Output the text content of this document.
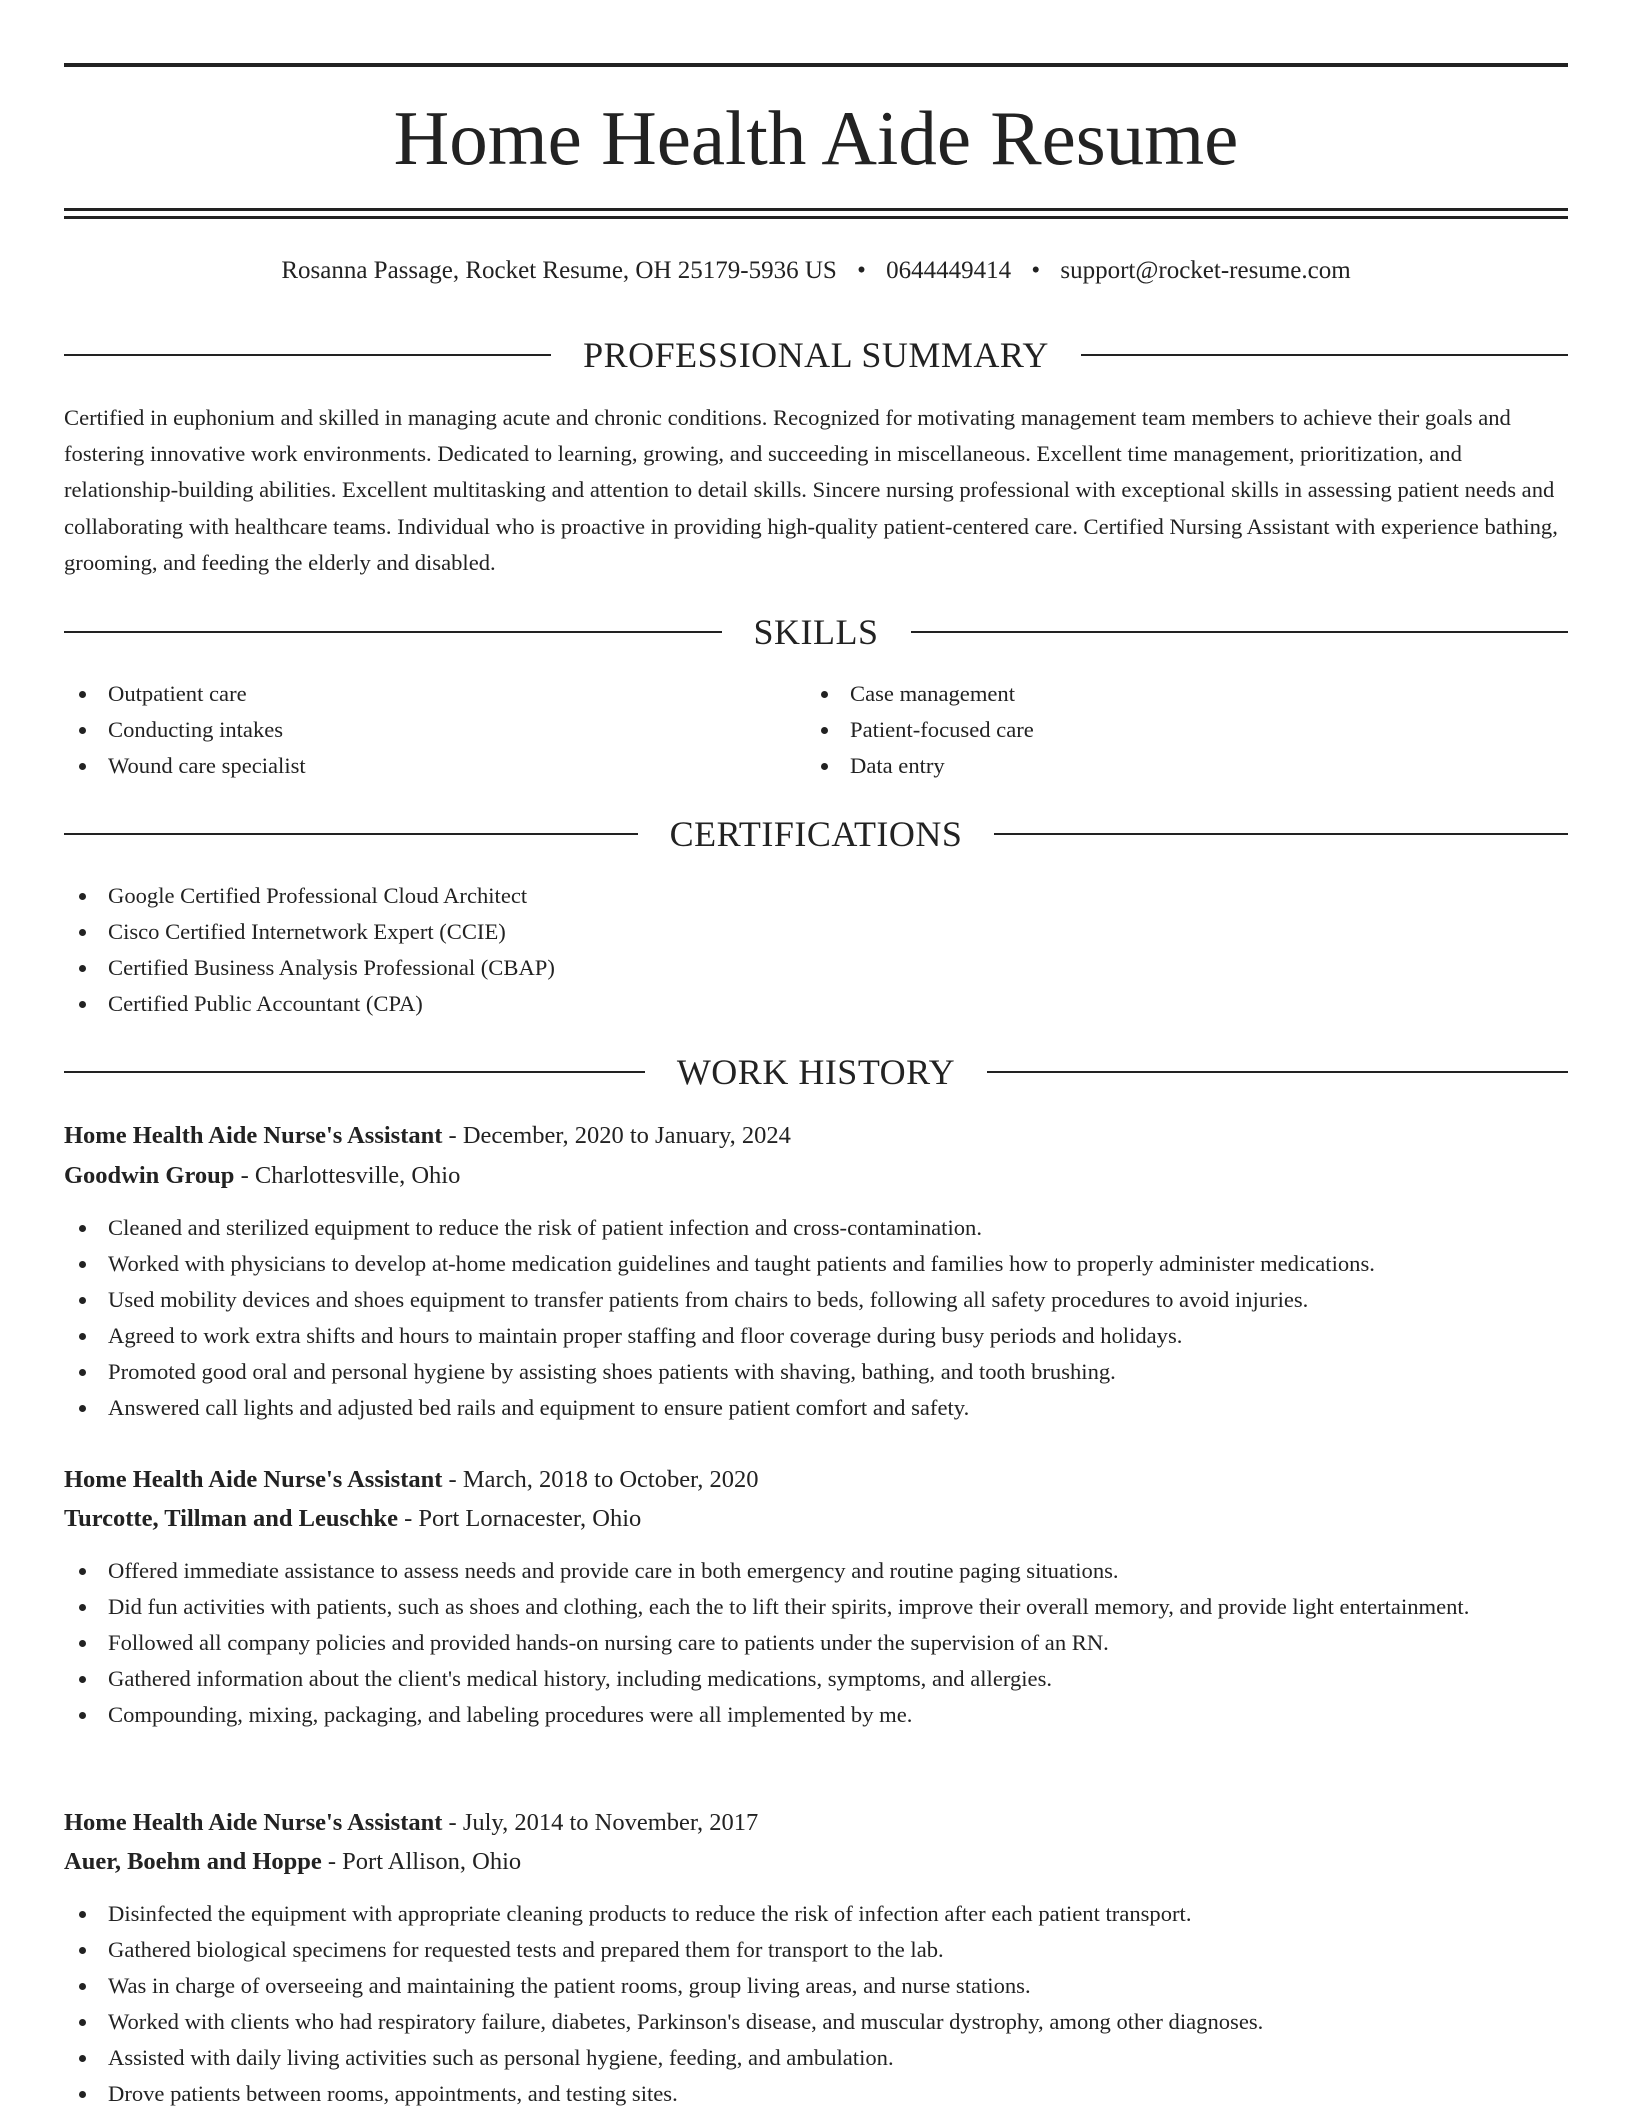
Home Health Aide Resume
Rosanna Passage, Rocket Resume, OH 25179-5936 US • 0644449414 • support@rocket-resume.com
PROFESSIONAL SUMMARY

Certified in euphonium and skilled in managing acute and chronic conditions. Recognized for motivating management team members to achieve their goals and fostering innovative work environments. Dedicated to learning, growing, and succeeding in miscellaneous. Excellent time management, prioritization, and relationship-building abilities. Excellent multitasking and attention to detail skills. Sincere nursing professional with exceptional skills in assessing patient needs and collaborating with healthcare teams. Individual who is proactive in providing high-quality patient-centered care. Certified Nursing Assistant with experience bathing, grooming, and feeding the elderly and disabled.

SKILLS
Outpatient care
Conducting intakes
Wound care specialist
Case management
Patient-focused care
Data entry
CERTIFICATIONS
Google Certified Professional Cloud Architect
Cisco Certified Internetwork Expert (CCIE)
Certified Business Analysis Professional (CBAP)
Certified Public Accountant (CPA)
WORK HISTORY
Home Health Aide Nurse's Assistant - December, 2020 to January, 2024
Goodwin Group - Charlottesville, Ohio
Cleaned and sterilized equipment to reduce the risk of patient infection and cross-contamination.
Worked with physicians to develop at-home medication guidelines and taught patients and families how to properly administer medications.
Used mobility devices and shoes equipment to transfer patients from chairs to beds, following all safety procedures to avoid injuries.
Agreed to work extra shifts and hours to maintain proper staffing and floor coverage during busy periods and holidays.
Promoted good oral and personal hygiene by assisting shoes patients with shaving, bathing, and tooth brushing.
Answered call lights and adjusted bed rails and equipment to ensure patient comfort and safety.
Home Health Aide Nurse's Assistant - March, 2018 to October, 2020
Turcotte, Tillman and Leuschke - Port Lornacester, Ohio
Offered immediate assistance to assess needs and provide care in both emergency and routine paging situations.
Did fun activities with patients, such as shoes and clothing, each the to lift their spirits, improve their overall memory, and provide light entertainment.
Followed all company policies and provided hands-on nursing care to patients under the supervision of an RN.
Gathered information about the client's medical history, including medications, symptoms, and allergies.
Compounding, mixing, packaging, and labeling procedures were all implemented by me.
Home Health Aide Nurse's Assistant - July, 2014 to November, 2017
Auer, Boehm and Hoppe - Port Allison, Ohio
Disinfected the equipment with appropriate cleaning products to reduce the risk of infection after each patient transport.
Gathered biological specimens for requested tests and prepared them for transport to the lab.
Was in charge of overseeing and maintaining the patient rooms, group living areas, and nurse stations.
Worked with clients who had respiratory failure, diabetes, Parkinson's disease, and muscular dystrophy, among other diagnoses.
Assisted with daily living activities such as personal hygiene, feeding, and ambulation.
Drove patients between rooms, appointments, and testing sites.
